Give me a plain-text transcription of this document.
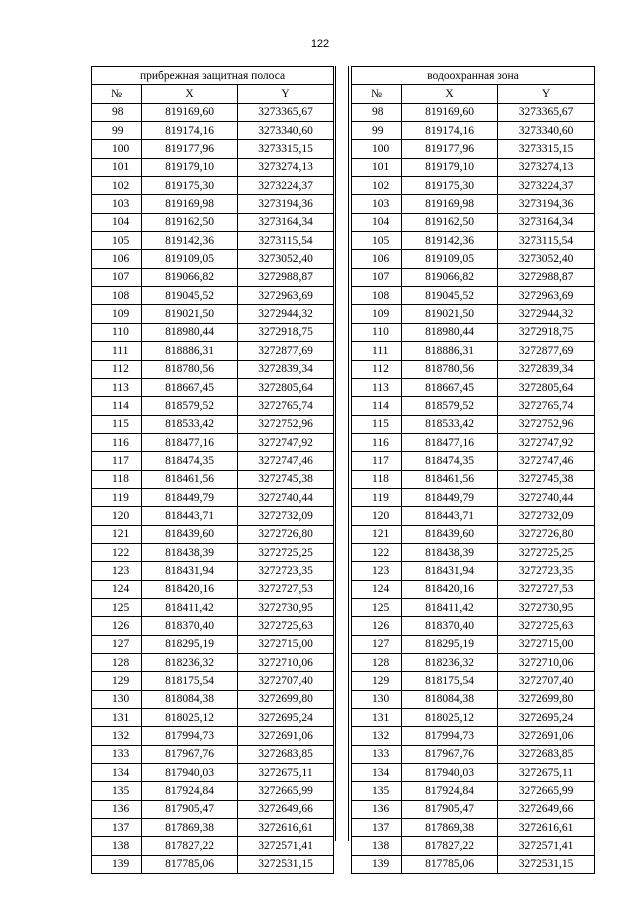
122
прибрежная защитная полоса		
№	X	Y
98	819169,60	3273365,67
99	819174,16	3273340,60
100	819177,96	3273315,15
101	819179,10	3273274,13
102	819175,30	3273224,37
103	819169,98	3273194,36
104	819162,50	3273164,34
105	819142,36	3273115,54
106	819109,05	3273052,40
107	819066,82	3272988,87
108	819045,52	3272963,69
109	819021,50	3272944,32
110	818980,44	3272918,75
111	818886,31	3272877,69
112	818780,56	3272839,34
113	818667,45	3272805,64
114	818579,52	3272765,74
115	818533,42	3272752,96
116	818477,16	3272747,92
117	818474,35	3272747,46
118	818461,56	3272745,38
119	818449,79	3272740,44
120	818443,71	3272732,09
121	818439,60	3272726,80
122	818438,39	3272725,25
123	818431,94	3272723,35
124	818420,16	3272727,53
125	818411,42	3272730,95
126	818370,40	3272725,63
127	818295,19	3272715,00
128	818236,32	3272710,06
129	818175,54	3272707,40
130	818084,38	3272699,80
131	818025,12	3272695,24
132	817994,73	3272691,06
133	817967,76	3272683,85
134	817940,03	3272675,11
135	817924,84	3272665,99
136	817905,47	3272649,66
137	817869,38	3272616,61
138	817827,22	3272571,41
139	817785,06	3272531,15
водоохранная зона		
№	X	Y
98	819169,60	3273365,67
99	819174,16	3273340,60
100	819177,96	3273315,15
101	819179,10	3273274,13
102	819175,30	3273224,37
103	819169,98	3273194,36
104	819162,50	3273164,34
105	819142,36	3273115,54
106	819109,05	3273052,40
107	819066,82	3272988,87
108	819045,52	3272963,69
109	819021,50	3272944,32
110	818980,44	3272918,75
111	818886,31	3272877,69
112	818780,56	3272839,34
113	818667,45	3272805,64
114	818579,52	3272765,74
115	818533,42	3272752,96
116	818477,16	3272747,92
117	818474,35	3272747,46
118	818461,56	3272745,38
119	818449,79	3272740,44
120	818443,71	3272732,09
121	818439,60	3272726,80
122	818438,39	3272725,25
123	818431,94	3272723,35
124	818420,16	3272727,53
125	818411,42	3272730,95
126	818370,40	3272725,63
127	818295,19	3272715,00
128	818236,32	3272710,06
129	818175,54	3272707,40
130	818084,38	3272699,80
131	818025,12	3272695,24
132	817994,73	3272691,06
133	817967,76	3272683,85
134	817940,03	3272675,11
135	817924,84	3272665,99
136	817905,47	3272649,66
137	817869,38	3272616,61
138	817827,22	3272571,41
139	817785,06	3272531,15
